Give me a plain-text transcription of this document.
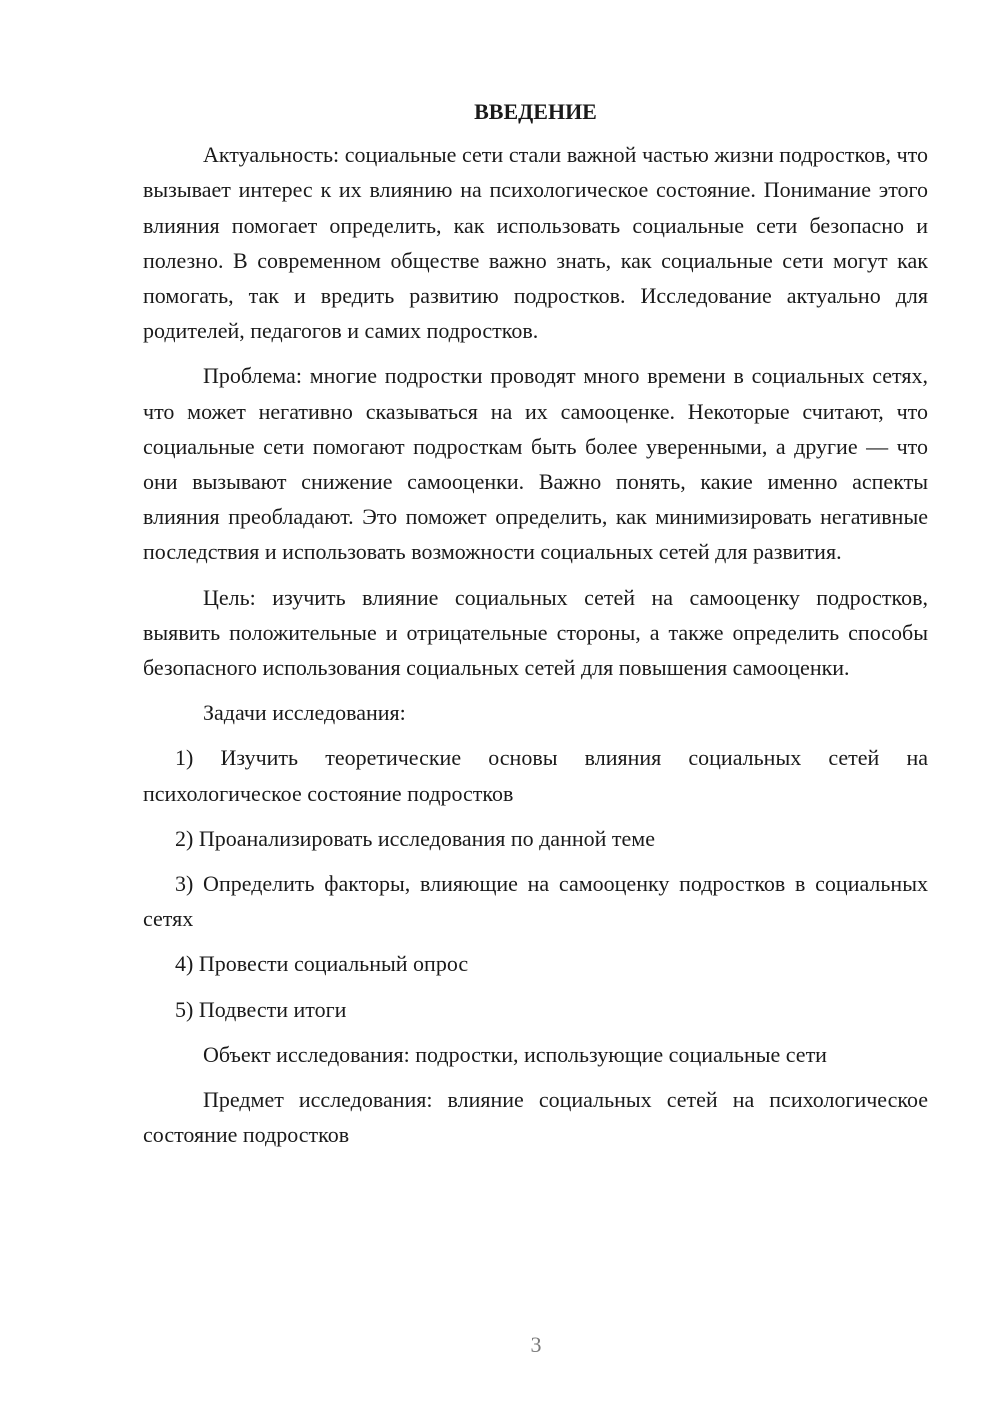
ВВЕДЕНИЕ

Актуальность: социальные сети стали важной частью жизни подростков, что вызывает интерес к их влиянию на психологическое состояние. Понимание этого влияния помогает определить, как использовать социальные сети безопасно и полезно. В современном обществе важно знать, как социальные сети могут как помогать, так и вредить развитию подростков. Исследование актуально для родителей, педагогов и самих подростков.

Проблема: многие подростки проводят много времени в социальных сетях, что может негативно сказываться на их самооценке. Некоторые считают, что социальные сети помогают подросткам быть более уверенными, а другие — что они вызывают снижение самооценки. Важно понять, какие именно аспекты влияния преобладают. Это поможет определить, как минимизировать негативные последствия и использовать возможности социальных сетей для развития.

Цель: изучить влияние социальных сетей на самооценку подростков, выявить положительные и отрицательные стороны, а также определить способы безопасного использования социальных сетей для повышения самооценки.

Задачи исследования:

1) Изучить теоретические основы влияния социальных сетей на психологическое состояние подростков

2) Проанализировать исследования по данной теме

3) Определить факторы, влияющие на самооценку подростков в социальных сетях

4) Провести социальный опрос

5) Подвести итоги

Объект исследования: подростки, использующие социальные сети

Предмет исследования: влияние социальных сетей на психологическое состояние подростков

3
